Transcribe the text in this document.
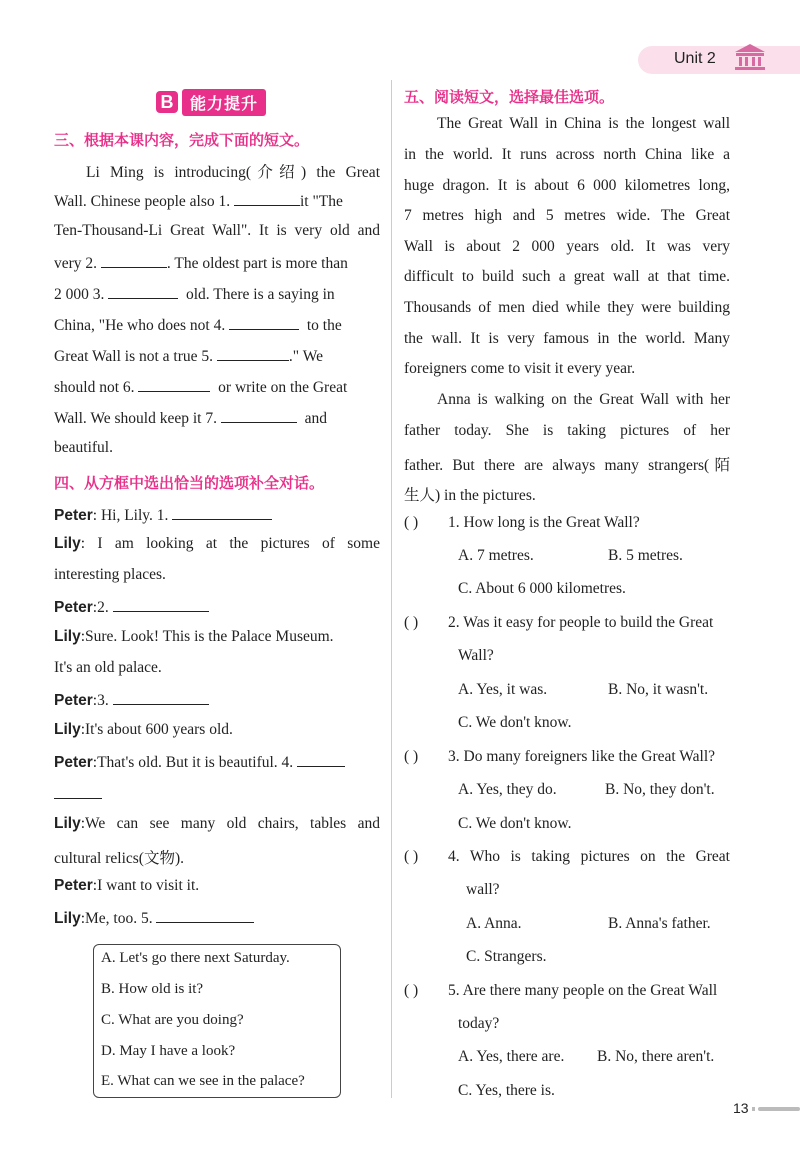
Unit 2
B	能力提升
三、根据本课内容，完成下面的短文。
Li Ming is introducing(介绍) the Great
Wall. Chinese people also 1.	it "The
Ten-Thousand-Li Great Wall". It is very old and
very 2.	. The oldest part is more than
2 000 3.	old. There is a saying in
China, "He who does not 4.	to the
Great Wall is not a true 5.	." We
should not 6.	or write on the Great
Wall. We should keep it 7.	and
beautiful.
四、从方框中选出恰当的选项补全对话。
Peter: Hi, Lily. 1.
Lily: I am looking at the pictures of some
interesting places.
Peter:2.
Lily:Sure. Look! This is the Palace Museum.
It's an old palace.
Peter:3.
Lily:It's about 600 years old.
Peter:That's old. But it is beautiful. 4.
Lily:We can see many old chairs, tables and
cultural relics(文物).
Peter:I want to visit it.
Lily:Me, too. 5.
A. Let's go there next Saturday.
B. How old is it?
C. What are you doing?
D. May I have a look?
E. What can we see in the palace?
五、阅读短文，选择最佳选项。
The Great Wall in China is the longest wall
in the world. It runs across north China like a
huge dragon. It is about 6 000 kilometres long,
7 metres high and 5 metres wide. The Great
Wall is about 2 000 years old. It was very
difficult to build such a great wall at that time.
Thousands of men died while they were building
the wall. It is very famous in the world. Many
foreigners come to visit it every year.
Anna is walking on the Great Wall with her
father today. She is taking pictures of her
father. But there are always many strangers(陌
生人) in the pictures.
( ) 1. How long is the Great Wall?
A. 7 metres.	B. 5 metres.
C. About 6 000 kilometres.
( ) 2. Was it easy for people to build the Great
Wall?
A. Yes, it was.	B. No, it wasn't.
C. We don't know.
( ) 3. Do many foreigners like the Great Wall?
A. Yes, they do.	B. No, they don't.
C. We don't know.
( ) 4. Who is taking pictures on the Great
wall?
A. Anna.	B. Anna's father.
C. Strangers.
( ) 5. Are there many people on the Great Wall
today?
A. Yes, there are. B. No, there aren't.
C. Yes, there is.
13
